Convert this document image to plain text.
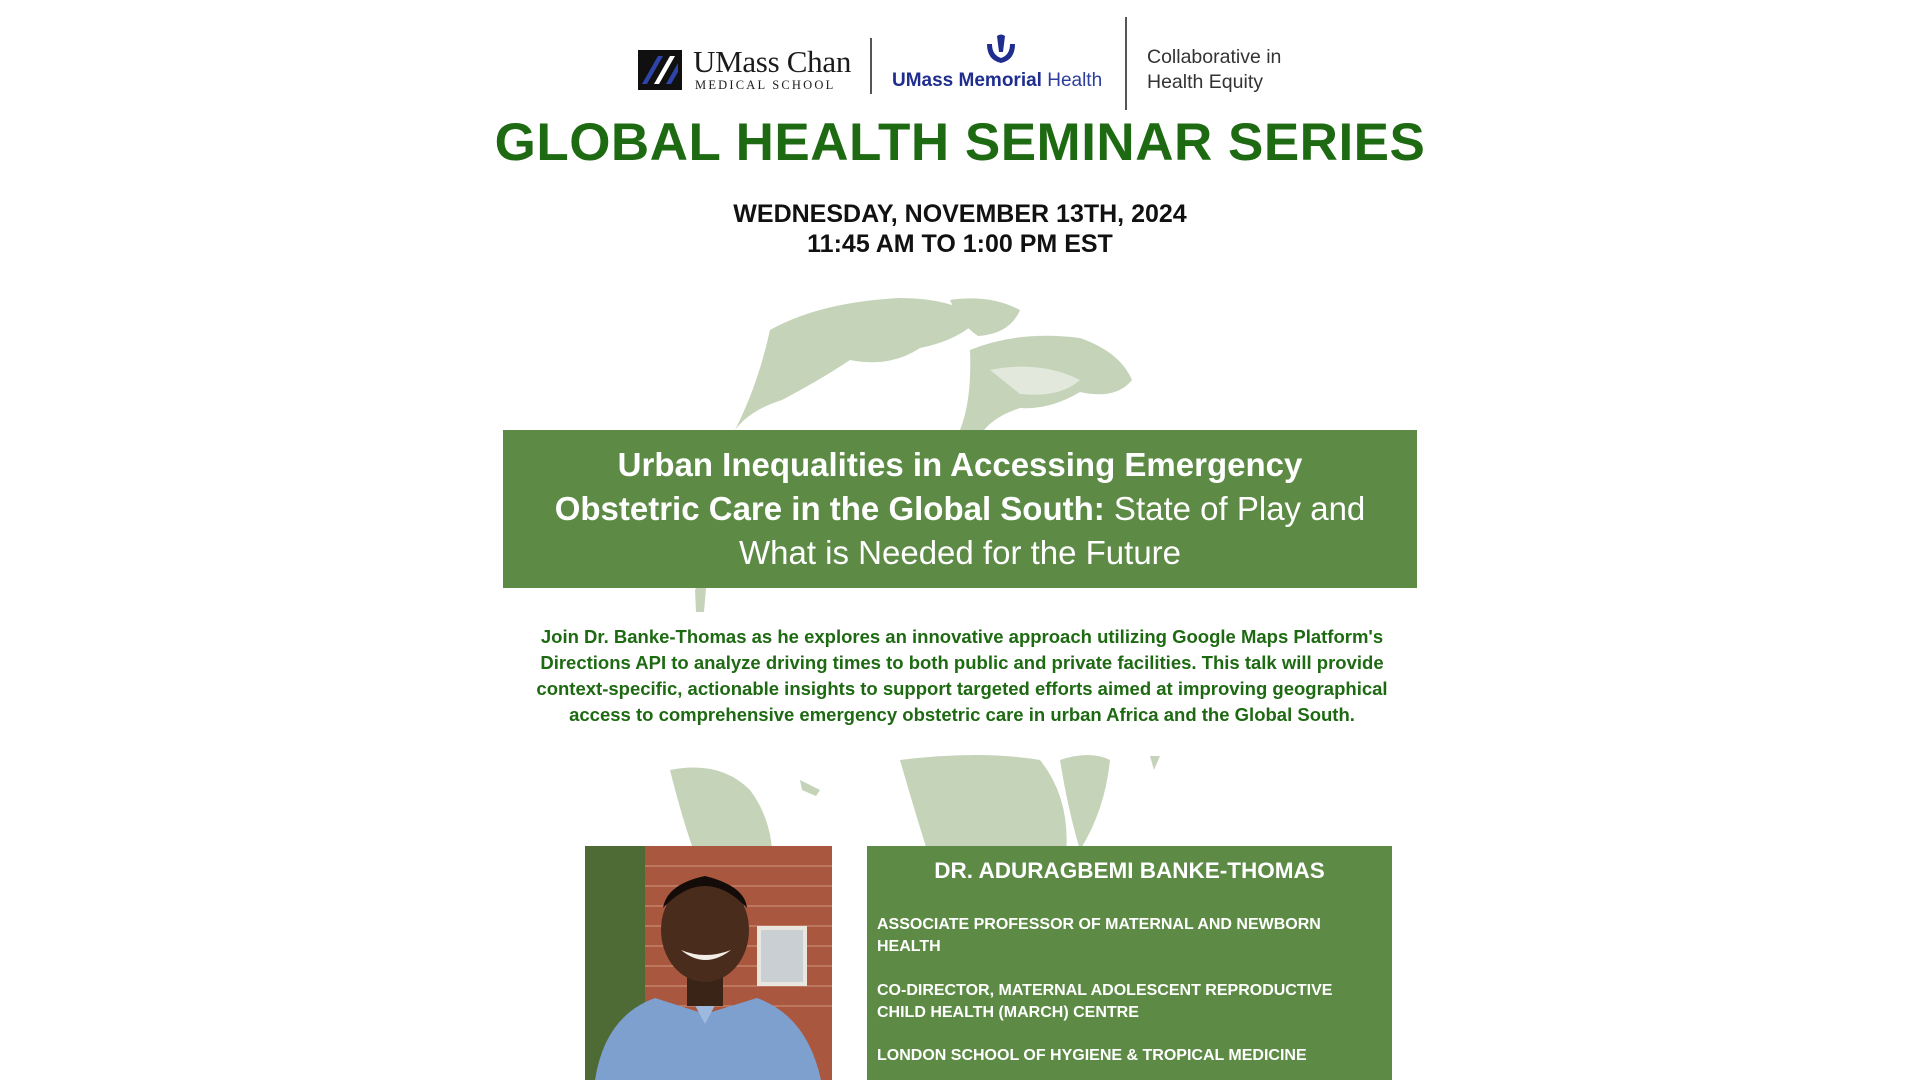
UMass Chan
MEDICAL SCHOOL	UMass Memorial Health
Collaborative in
Health Equity
GLOBAL HEALTH SEMINAR SERIES
WEDNESDAY, NOVEMBER 13TH, 2024
11:45 AM TO 1:00 PM EST
Urban Inequalities in Accessing Emergency
Obstetric Care in the Global South: State of Play and
What is Needed for the Future
Join Dr. Banke-Thomas as he explores an innovative approach utilizing Google Maps Platform's Directions API to analyze driving times to both public and private facilities. This talk will provide context-specific, actionable insights to support targeted efforts aimed at improving geographical access to comprehensive emergency obstetric care in urban Africa and the Global South.
DR. ADURAGBEMI BANKE-THOMAS
ASSOCIATE PROFESSOR OF MATERNAL AND NEWBORN HEALTH
CO-DIRECTOR, MATERNAL ADOLESCENT REPRODUCTIVE CHILD HEALTH (MARCH) CENTRE
LONDON SCHOOL OF HYGIENE & TROPICAL MEDICINE
